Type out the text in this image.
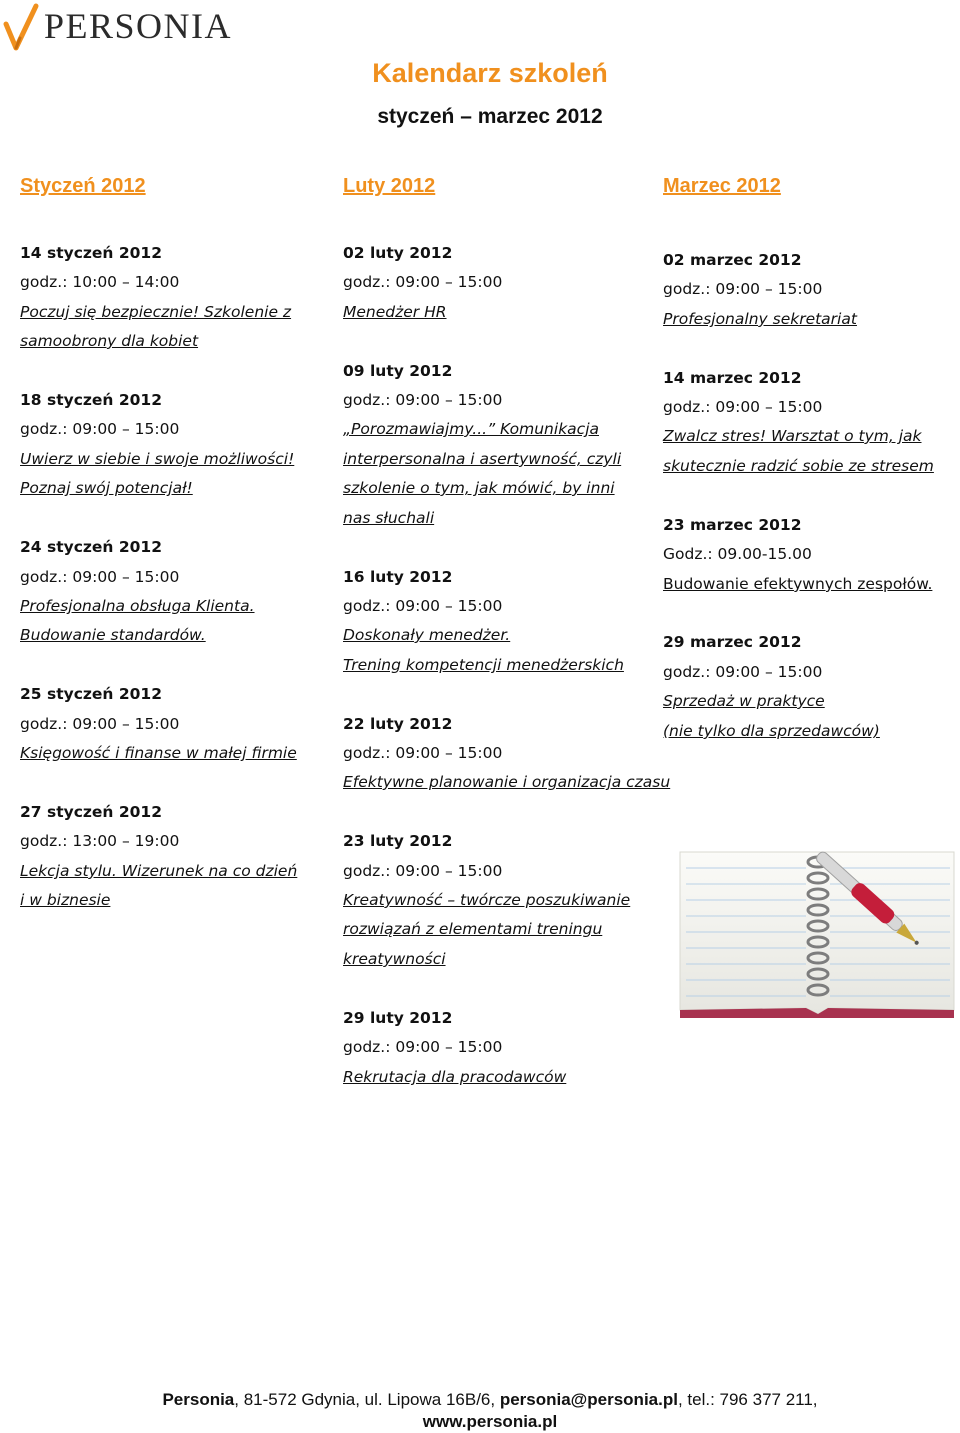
PERSONIA
Kalendarz szkoleń
styczeń – marzec 2012
Styczeń 2012	Luty 2012	Marzec 2012
14 styczeń 2012
godz.: 10:00 – 14:00
Poczuj się bezpiecznie! Szkolenie z
samoobrony dla kobiet
18 styczeń 2012
godz.: 09:00 – 15:00
Uwierz w siebie i swoje możliwości!
Poznaj swój potencjał!
24 styczeń 2012
godz.: 09:00 – 15:00
Profesjonalna obsługa Klienta.
Budowanie standardów.
25 styczeń 2012
godz.: 09:00 – 15:00
Księgowość i finanse w małej firmie
27 styczeń 2012
godz.: 13:00 – 19:00
Lekcja stylu. Wizerunek na co dzień
i w biznesie
02 luty 2012
godz.: 09:00 – 15:00
Menedżer HR
09 luty 2012
godz.: 09:00 – 15:00
„Porozmawiajmy...” Komunikacja
interpersonalna i asertywność, czyli
szkolenie o tym, jak mówić, by inni
nas słuchali
16 luty 2012
godz.: 09:00 – 15:00
Doskonały menedżer.
Trening kompetencji menedżerskich
22 luty 2012
godz.: 09:00 – 15:00
Efektywne planowanie i organizacja czasu
23 luty 2012
godz.: 09:00 – 15:00
Kreatywność – twórcze poszukiwanie
rozwiązań z elementami treningu
kreatywności
29 luty 2012
godz.: 09:00 – 15:00
Rekrutacja dla pracodawców
02 marzec 2012
godz.: 09:00 – 15:00
Profesjonalny sekretariat
14 marzec 2012
godz.: 09:00 – 15:00
Zwalcz stres! Warsztat o tym, jak
skutecznie radzić sobie ze stresem
23 marzec 2012
Godz.: 09.00-15.00
Budowanie efektywnych zespołów.
29 marzec 2012
godz.: 09:00 – 15:00
Sprzedaż w praktyce
(nie tylko dla sprzedawców)
Personia, 81-572 Gdynia, ul. Lipowa 16B/6, personia@personia.pl, tel.: 796 377 211,
www.personia.pl
